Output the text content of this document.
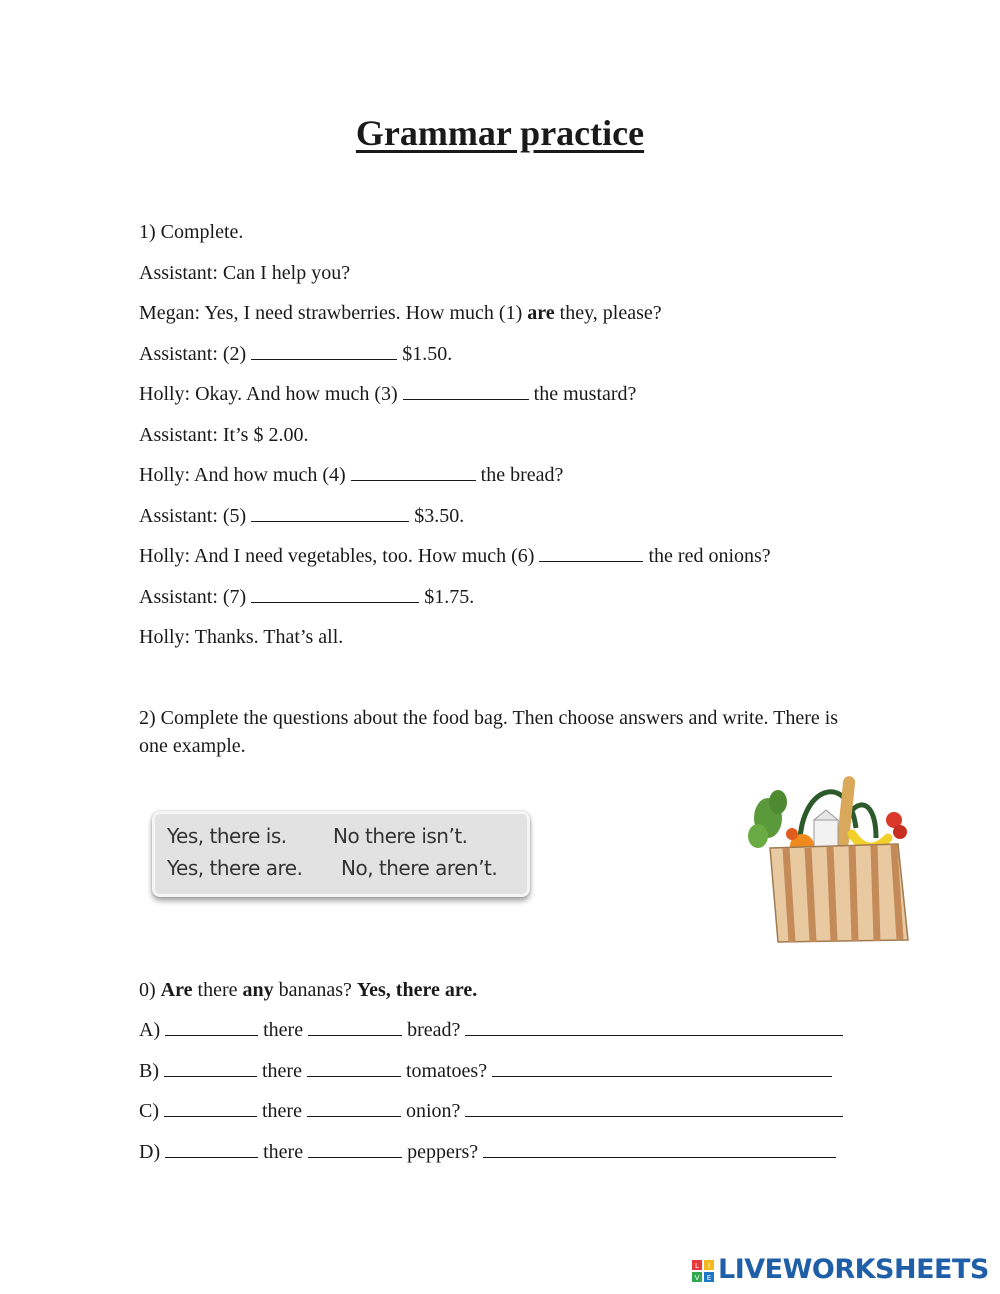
Grammar practice
1) Complete.
Assistant: Can I help you?
Megan: Yes, I need strawberries. How much (1) are they, please?
Assistant: (2)	$1.50.
Holly: Okay. And how much (3)	the mustard?
Assistant: It’s $ 2.00.
Holly: And how much (4)	the bread?
Assistant: (5)	$3.50.
Holly: And I need vegetables, too. How much (6)	the red onions?
Assistant: (7)	$1.75.
Holly: Thanks. That’s all.
2) Complete the questions about the food bag. Then choose answers and write. There is one example.
Yes, there is. No there isn’t.
Yes, there are. No, there aren’t.
0) Are there any bananas? Yes, there are.
A)	there	bread?
B)	there	tomatoes?
C)	there	onion?
D)	there	peppers?
L I
V E LIVEWORKSHEETS
